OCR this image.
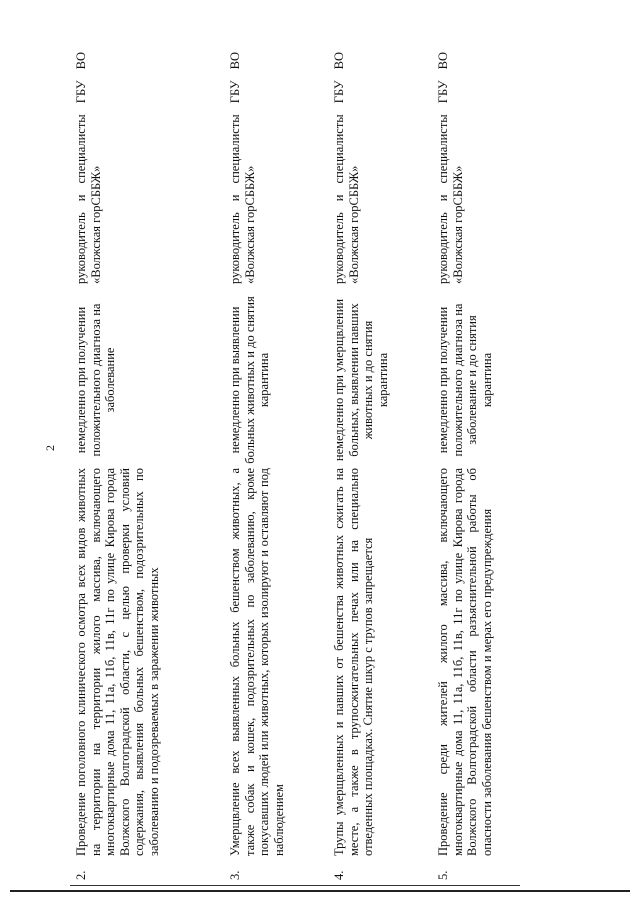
2
2.
Проведение поголовного клинического осмотра всех видов животных на территории на территории жилого массива, включающего многоквартирные дома 11, 11а, 11б, 11в, 11г по улице Кирова города Волжского Волгоградской области, с целью проверки условий содержания, выявления больных бешенством, подозрительных по заболеванию и подозреваемых в заражении животных
немедленно при получении положительного диагноза на заболевание
руководитель и специалисты ГБУ ВО «Волжская горСББЖ»
3.
Умерщвление всех выявленных больных бешенством животных, а также собак и кошек, подозрительных по заболеванию, кроме покусавших людей или животных, которых изолируют и оставляют под наблюдением
немедленно при выявлении больных животных и до снятия карантина
руководитель и специалисты ГБУ ВО «Волжская горСББЖ»
4.
Трупы умерщвленных и павших от бешенства животных сжигать на месте, а также в трупосжигательных печах или на специально отведенных площадках. Снятие шкур с трупов запрещается
немедленно при умерщвлении больных, выявлении павших животных и до снятия карантина
руководитель и специалисты ГБУ ВО «Волжская горСББЖ»
5.
Проведение среди жителей жилого массива, включающего многоквартирные дома 11, 11а, 11б, 11в, 11г по улице Кирова города Волжского Волгоградской области разъяснительной работы об опасности заболевания бешенством и мерах его предупреждения
немедленно при получении положительного диагноза на заболевание и до снятия карантина
руководитель и специалисты ГБУ ВО «Волжская горСББЖ»
